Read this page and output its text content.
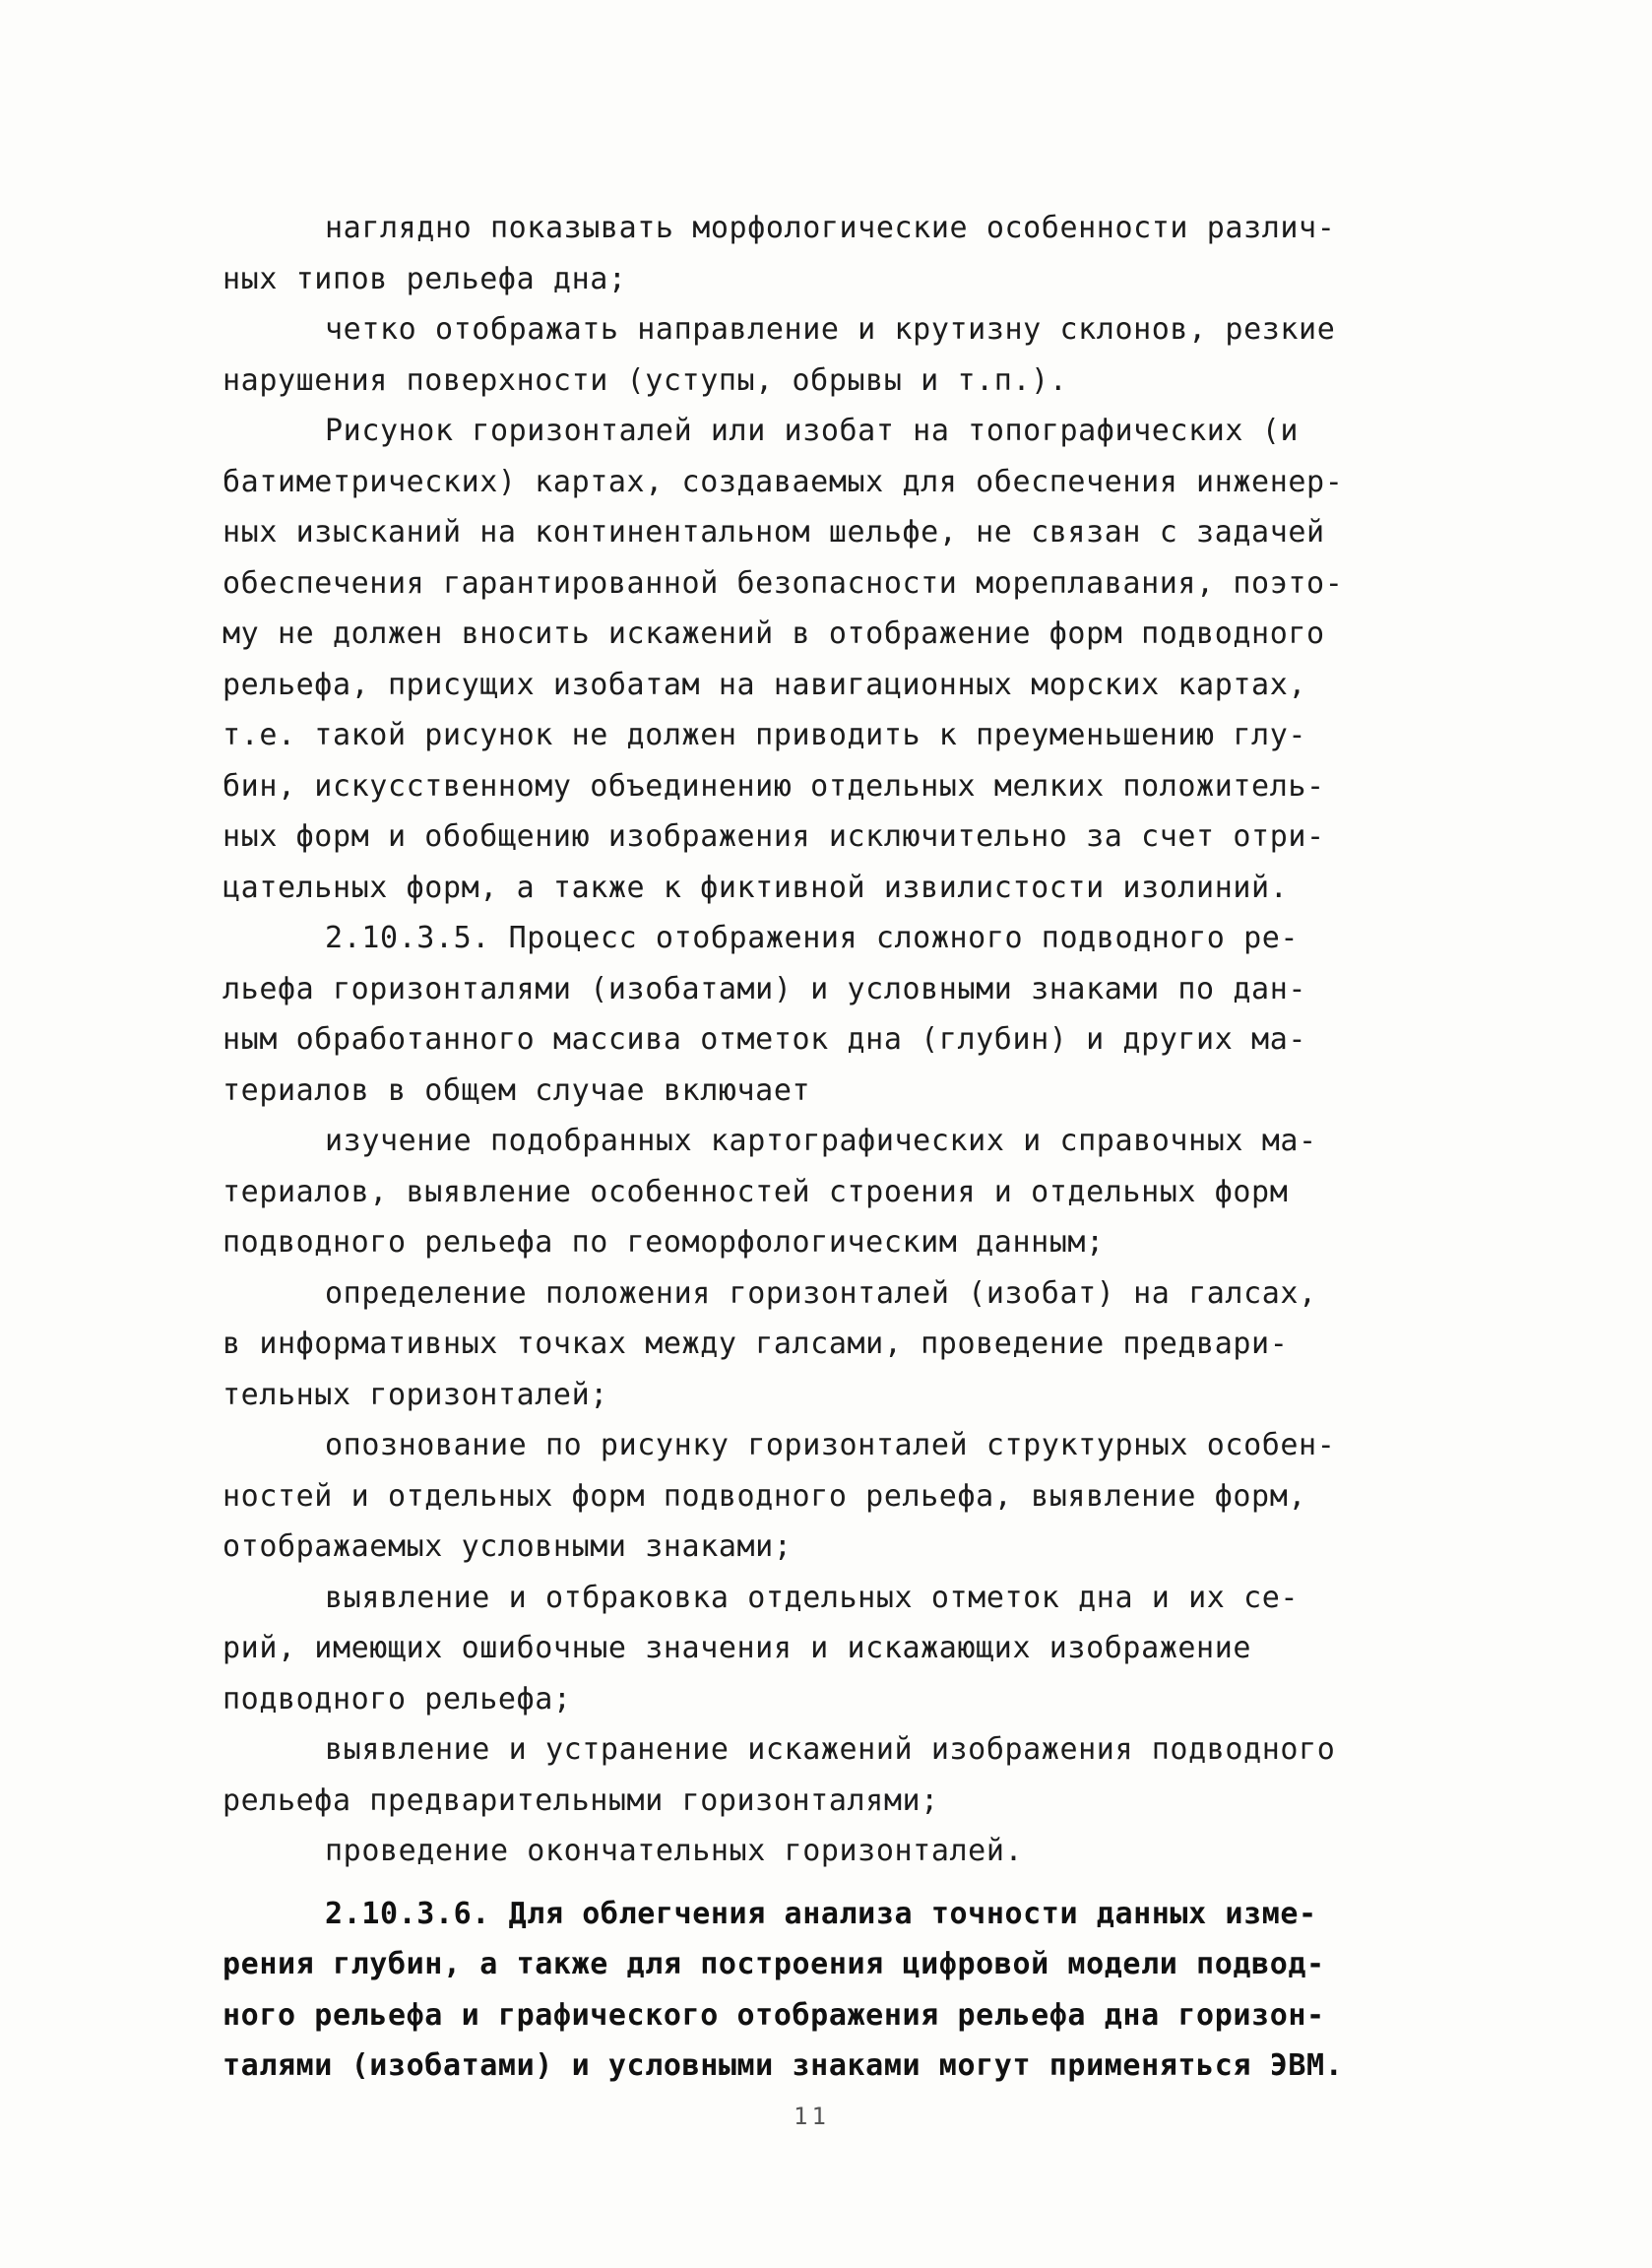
наглядно показывать морфологические особенности различ-
ных типов рельефа дна;
четко отображать направление и крутизну склонов, резкие
нарушения поверхности (уступы, обрывы и т.п.).
Рисунок горизонталей или изобат на топографических (и
батиметрических) картах, создаваемых для обеспечения инженер-
ных изысканий на континентальном шельфе, не связан с задачей
обеспечения гарантированной безопасности мореплавания, поэто-
му не должен вносить искажений в отображение форм подводного
рельефа, присущих изобатам на навигационных морских картах,
т.е. такой рисунок не должен приводить к преуменьшению глу-
бин, искусственному объединению отдельных мелких положитель-
ных форм и обобщению изображения исключительно за счет отри-
цательных форм, а также к фиктивной извилистости изолиний.
2.10.3.5. Процесс отображения сложного подводного ре-
льефа горизонталями (изобатами) и условными знаками по дан-
ным обработанного массива отметок дна (глубин) и других ма-
териалов в общем случае включает
изучение подобранных картографических и справочных ма-
териалов, выявление особенностей строения и отдельных форм
подводного рельефа по геоморфологическим данным;
определение положения горизонталей (изобат) на галсах,
в информативных точках между галсами, проведение предвари-
тельных горизонталей;
опознование по рисунку горизонталей структурных особен-
ностей и отдельных форм подводного рельефа, выявление форм,
отображаемых условными знаками;
выявление и отбраковка отдельных отметок дна и их се-
рий, имеющих ошибочные значения и искажающих изображение
подводного рельефа;
выявление и устранение искажений изображения подводного
рельефа предварительными горизонталями;
проведение окончательных горизонталей.
2.10.3.6. Для облегчения анализа точности данных изме-
рения глубин, а также для построения цифровой модели подвод-
ного рельефа и графического отображения рельефа дна горизон-
талями (изобатами) и условными знаками могут применяться ЭВМ.
11
